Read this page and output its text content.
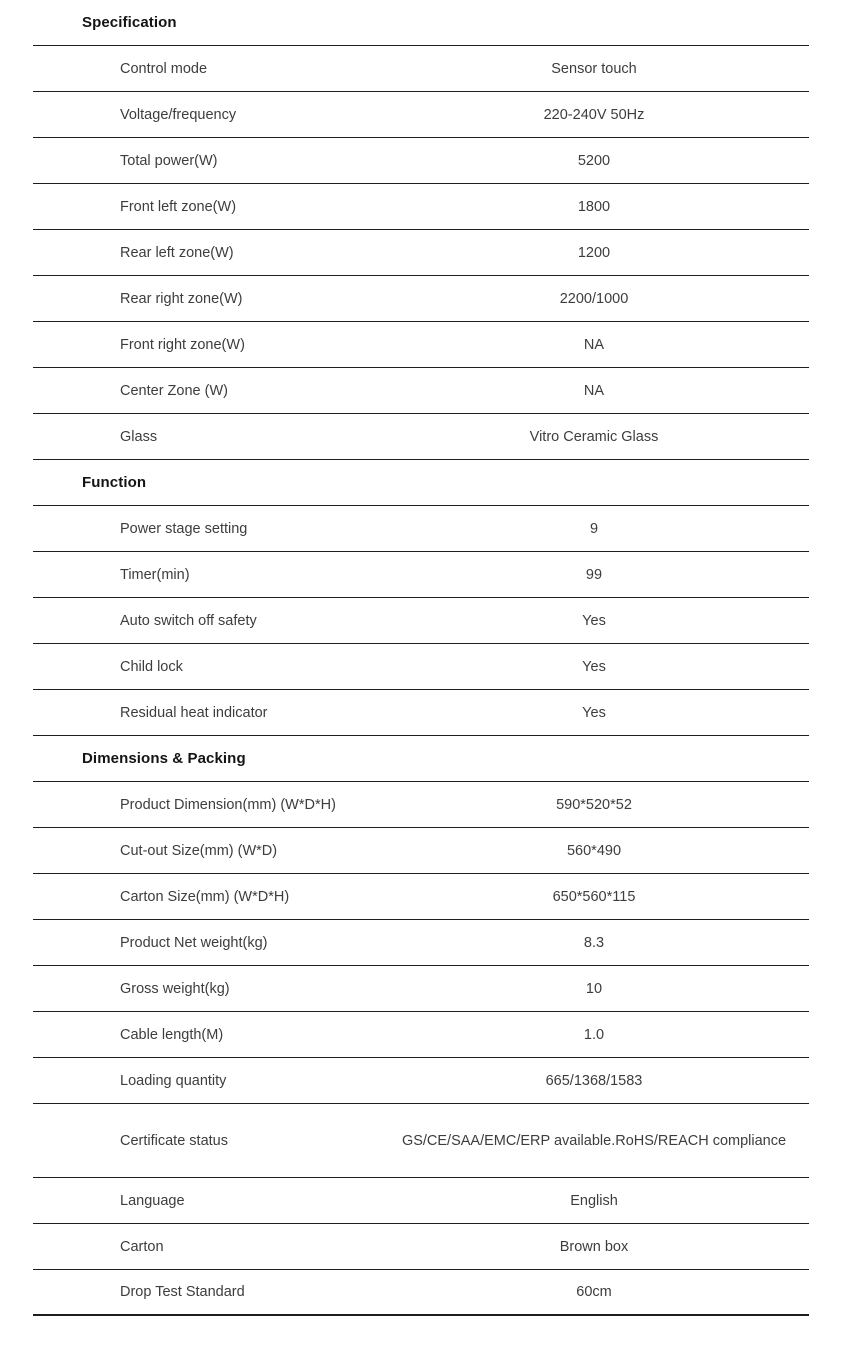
Specification
Control mode	Sensor touch
Voltage/frequency	220-240V 50Hz
Total power(W)	5200
Front left zone(W)	1800
Rear left zone(W)	1200
Rear right zone(W)	2200/1000
Front right zone(W)	NA
Center Zone (W)	NA
Glass	Vitro Ceramic Glass
Function
Power stage setting	9
Timer(min)	99
Auto switch off safety	Yes
Child lock	Yes
Residual heat indicator	Yes
Dimensions & Packing
Product Dimension(mm) (W*D*H)	590*520*52
Cut-out Size(mm) (W*D)	560*490
Carton Size(mm) (W*D*H)	650*560*115
Product Net weight(kg)	8.3
Gross weight(kg)	10
Cable length(M)	1.0
Loading quantity	665/1368/1583
Certificate status	GS/CE/SAA/EMC/ERP available.RoHS/REACH compliance
Language	English
Carton	Brown box
Drop Test Standard	60cm
